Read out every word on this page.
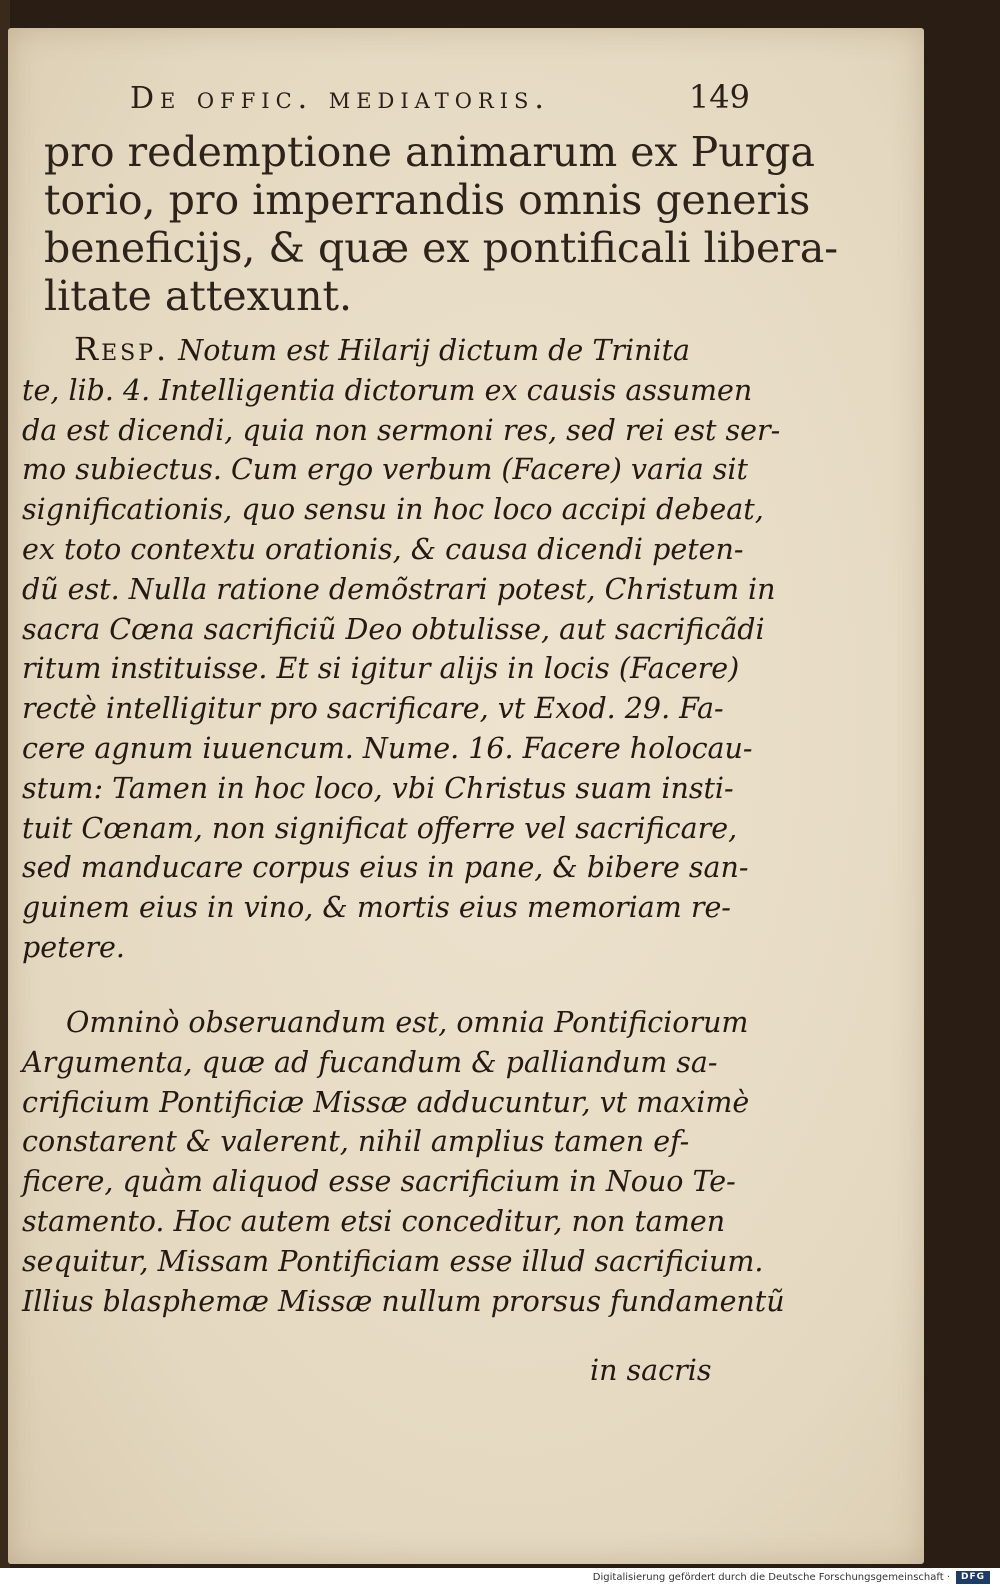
De offic. mediatoris.	149
pro redemptione animarum ex Purga
torio, pro imperrandis omnis generis
beneficijs, & quæ ex pontificali libera-
litate attexunt.
Resp. Notum est Hilarij dictum de Trinita
te, lib. 4. Intelligentia dictorum ex causis assumen
da est dicendi, quia non sermoni res, sed rei est ser-
mo subiectus. Cum ergo verbum (Facere) varia sit
significationis, quo sensu in hoc loco accipi debeat,
ex toto contextu orationis, & causa dicendi peten-
dũ est. Nulla ratione demõstrari potest, Christum in
sacra Cœna sacrificiũ Deo obtulisse, aut sacrificãdi
ritum instituisse. Et si igitur alijs in locis (Facere)
rectè intelligitur pro sacrificare, vt Exod. 29. Fa-
cere agnum iuuencum. Nume. 16. Facere holocau-
stum: Tamen in hoc loco, vbi Christus suam insti-
tuit Cœnam, non significat offerre vel sacrificare,
sed manducare corpus eius in pane, & bibere san-
guinem eius in vino, & mortis eius memoriam re-
petere.
Omninò obseruandum est, omnia Pontificiorum
Argumenta, quæ ad fucandum & palliandum sa-
crificium Pontificiæ Missæ adducuntur, vt maximè
constarent & valerent, nihil amplius tamen ef-
ficere, quàm aliquod esse sacrificium in Nouo Te-
stamento. Hoc autem etsi conceditur, non tamen
sequitur, Missam Pontificiam esse illud sacrificium.
Illius blasphemæ Missæ nullum prorsus fundamentũ
in sacris
Digitalisierung gefördert durch die Deutsche Forschungsgemeinschaft ·	DFG
